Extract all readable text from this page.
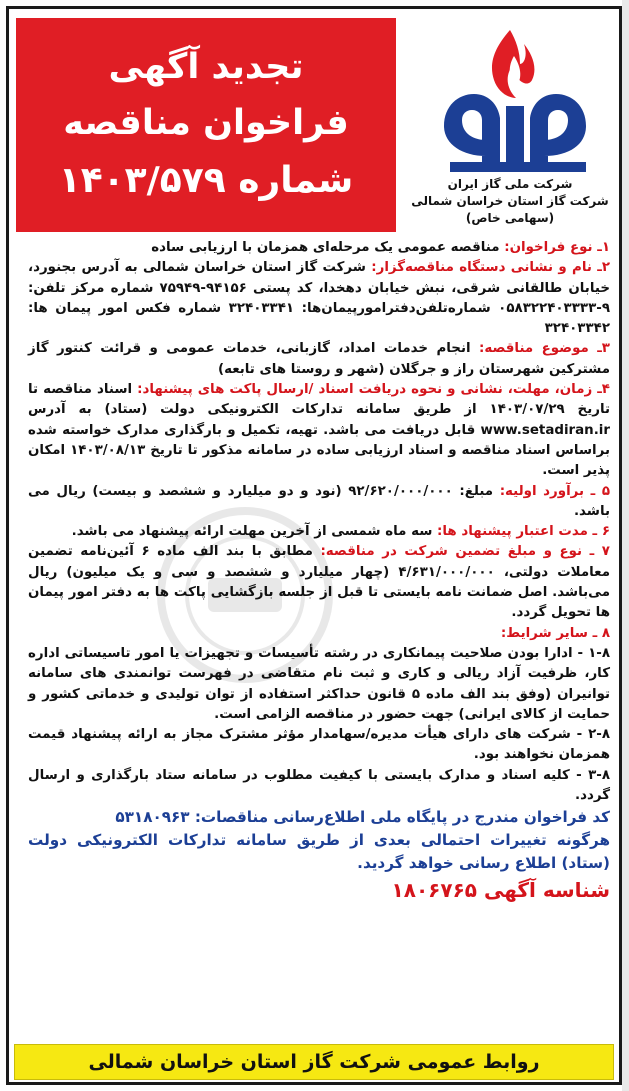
تجدید آگهی
فراخوان مناقصه
شماره ۱۴۰۳/۵۷۹	شرکت ملی گاز ایران
شرکت گاز استان خراسان شمالی
(سهامی خاص)

۱ـ نوع فراخوان: مناقصه عمومی یک مرحله‌ای همزمان با ارزیابی ساده

۲ـ نام و نشانی دستگاه مناقصه‌گزار: شرکت گاز استان خراسان شمالی به آدرس بجنورد، خیابان طالقانی شرقی، نبش خیابان دهخدا، کد پستی ۹۴۱۵۶-۷۵۹۴۹ شماره مرکز تلفن: ۹-۰۵۸۳۲۲۴۰۳۳۳۳ شماره‌تلفن‌دفترامورپیمان‌ها: ۳۲۴۰۳۳۴۱ شماره فکس امور پیمان ها: ۳۲۴۰۳۳۴۲

۳ـ موضوع مناقصه: انجام خدمات امداد، گازبانی، خدمات عمومی و قرائت کنتور گاز مشترکین شهرستان راز و جرگلان (شهر و روستا های تابعه)

۴ـ زمان، مهلت، نشانی و نحوه دریافت اسناد /ارسال پاکت های پیشنهاد: اسناد مناقصه تا تاریخ ۱۴۰۳/۰۷/۲۹ از طریق سامانه تدارکات الکترونیکی دولت (ستاد) به آدرس www.setadiran.ir قابل دریافت می باشد. تهیه، تکمیل و بارگذاری مدارک خواسته شده براساس اسناد مناقصه و اسناد ارزیابی ساده در سامانه مذکور تا تاریخ ۱۴۰۳/۰۸/۱۳ امکان پذیر است.

۵ ـ برآورد اولیه: مبلغ: ۹۲/۶۲۰/۰۰۰/۰۰۰ (نود و دو میلیارد و ششصد و بیست) ریال می باشد.

۶ ـ مدت اعتبار پیشنهاد ها: سه ماه شمسی از آخرین مهلت ارائه پیشنهاد می باشد.

۷ ـ نوع و مبلغ تضمین شرکت در مناقصه: مطابق با بند الف ماده ۶ آئین‌نامه تضمین معاملات دولتی، ۴/۶۳۱/۰۰۰/۰۰۰ (چهار میلیارد و ششصد و سی و یک میلیون) ریال می‌باشد. اصل ضمانت نامه بایستی تا قبل از جلسه بازگشایی پاکت ها به دفتر امور پیمان ها تحویل گردد.

۸ ـ سایر شرایط:

۱-۸ - ادارا بودن صلاحیت پیمانکاری در رشته تأسیسات و تجهیزات یا امور تاسیساتی اداره کار، ظرفیت آزاد ریالی و کاری و ثبت نام متقاضی در فهرست توانمندی های سامانه توانیران (وفق بند الف ماده ۵ قانون حداکثر استفاده از توان تولیدی و خدماتی کشور و حمایت از کالای ایرانی) جهت حضور در مناقصه الزامی است.

۲-۸ - شرکت های دارای هیأت مدیره/سهامدار مؤثر مشترک مجاز به ارائه پیشنهاد قیمت همزمان نخواهند بود.

۳-۸ - کلیه اسناد و مدارک بایستی با کیفیت مطلوب در سامانه ستاد بارگذاری و ارسال گردد.

کد فراخوان مندرج در پایگاه ملی اطلاع‌رسانی مناقصات: ۵۳۱۸۰۹۶۳

هرگونه تغییرات احتمالی بعدی از طریق سامانه تدارکات الکترونیکی دولت (ستاد) اطلاع رسانی خواهد گردید.

شناسه آگهی ۱۸۰۶۷۶۵

روابط عمومی شرکت گاز استان خراسان شمالی
